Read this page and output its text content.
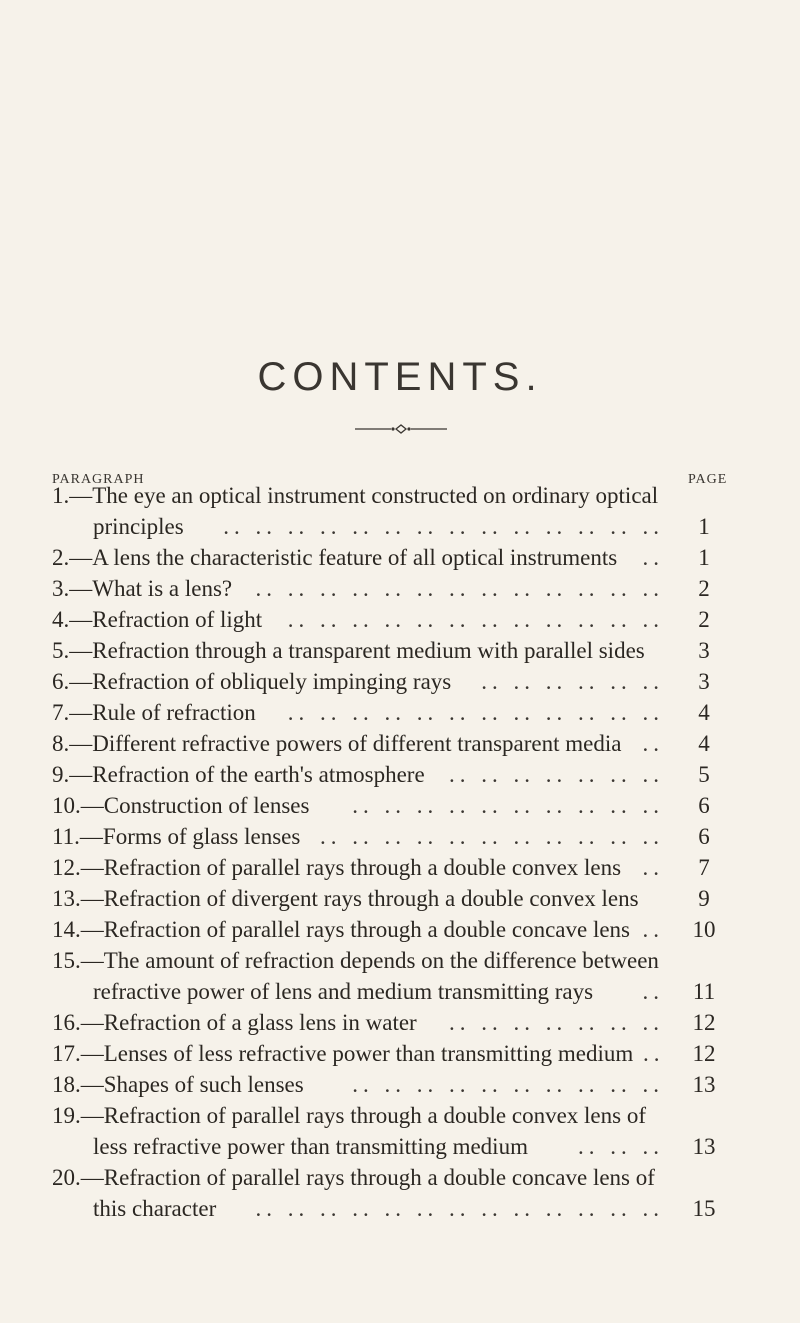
CONTENTS.
PARAGRAPH	PAGE
1.—The eye an optical instrument constructed on ordinary optical
principles	1
.. .. .. .. .. .. .. .. .. .. .. .. .. ..
2.—A lens the characteristic feature of all optical instruments	1
..
3.—What is a lens?	2
.. .. .. .. .. .. .. .. .. .. .. .. ..
4.—Refraction of light	2
.. .. .. .. .. .. .. .. .. .. .. ..
5.—Refraction through a transparent medium with parallel sides	3
6.—Refraction of obliquely impinging rays	3
.. .. .. .. .. ..
7.—Rule of refraction	4
.. .. .. .. .. .. .. .. .. .. .. ..
8.—Different refractive powers of different transparent media	4
..
9.—Refraction of the earth's atmosphere	5
.. .. .. .. .. .. ..
10.—Construction of lenses	6
.. .. .. .. .. .. .. .. .. ..
11.—Forms of glass lenses	6
.. .. .. .. .. .. .. .. .. .. ..
12.—Refraction of parallel rays through a double convex lens	7
..
13.—Refraction of divergent rays through a double convex lens	9
14.—Refraction of parallel rays through a double concave lens	10
..
15.—The amount of refraction depends on the difference between
refractive power of lens and medium transmitting rays	11
..
16.—Refraction of a glass lens in water	12
.. .. .. .. .. .. ..
17.—Lenses of less refractive power than transmitting medium	12
..
18.—Shapes of such lenses	13
.. .. .. .. .. .. .. .. .. ..
19.—Refraction of parallel rays through a double convex lens of
less refractive power than transmitting medium	13
.. .. ..
20.—Refraction of parallel rays through a double concave lens of
this character	15
.. .. .. .. .. .. .. .. .. .. .. .. ..
